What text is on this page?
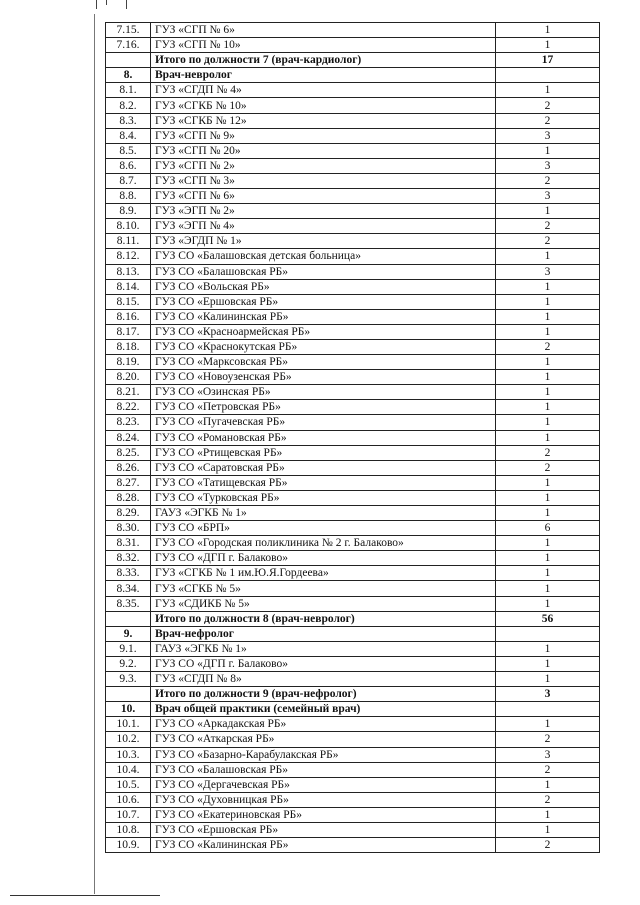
7.15.	ГУЗ «СГП № 6»	1
7.16.	ГУЗ «СГП № 10»	1
	Итого по должности 7 (врач-кардиолог)	17
8.	Врач-невролог	
8.1.	ГУЗ «СГДП № 4»	1
8.2.	ГУЗ «СГКБ № 10»	2
8.3.	ГУЗ «СГКБ № 12»	2
8.4.	ГУЗ «СГП № 9»	3
8.5.	ГУЗ «СГП № 20»	1
8.6.	ГУЗ «СГП № 2»	3
8.7.	ГУЗ «СГП № 3»	2
8.8.	ГУЗ «СГП № 6»	3
8.9.	ГУЗ «ЭГП № 2»	1
8.10.	ГУЗ «ЭГП № 4»	2
8.11.	ГУЗ «ЭГДП № 1»	2
8.12.	ГУЗ СО «Балашовская детская больница»	1
8.13.	ГУЗ СО «Балашовская РБ»	3
8.14.	ГУЗ СО «Вольская РБ»	1
8.15.	ГУЗ СО «Ершовская РБ»	1
8.16.	ГУЗ СО «Калининская РБ»	1
8.17.	ГУЗ СО «Красноармейская РБ»	1
8.18.	ГУЗ СО «Краснокутская РБ»	2
8.19.	ГУЗ СО «Марксовская РБ»	1
8.20.	ГУЗ СО «Новоузенская РБ»	1
8.21.	ГУЗ СО «Озинская РБ»	1
8.22.	ГУЗ СО «Петровская РБ»	1
8.23.	ГУЗ СО «Пугачевская РБ»	1
8.24.	ГУЗ СО «Романовская РБ»	1
8.25.	ГУЗ СО «Ртищевская РБ»	2
8.26.	ГУЗ СО «Саратовская РБ»	2
8.27.	ГУЗ СО «Татищевская РБ»	1
8.28.	ГУЗ СО «Турковская РБ»	1
8.29.	ГАУЗ «ЭГКБ № 1»	1
8.30.	ГУЗ СО «БРП»	6
8.31.	ГУЗ СО «Городская поликлиника № 2 г. Балаково»	1
8.32.	ГУЗ СО «ДГП г. Балаково»	1
8.33.	ГУЗ «СГКБ № 1 им.Ю.Я.Гордеева»	1
8.34.	ГУЗ «СГКБ № 5»	1
8.35.	ГУЗ «СДИКБ № 5»	1
	Итого по должности 8 (врач-невролог)	56
9.	Врач-нефролог	
9.1.	ГАУЗ «ЭГКБ № 1»	1
9.2.	ГУЗ СО «ДГП г. Балаково»	1
9.3.	ГУЗ «СГДП № 8»	1
	Итого по должности 9 (врач-нефролог)	3
10.	Врач общей практики (семейный врач)	
10.1.	ГУЗ СО «Аркадакская РБ»	1
10.2.	ГУЗ СО «Аткарская РБ»	2
10.3.	ГУЗ СО «Базарно-Карабулакская РБ»	3
10.4.	ГУЗ СО «Балашовская РБ»	2
10.5.	ГУЗ СО «Дергачевская РБ»	1
10.6.	ГУЗ СО «Духовницкая РБ»	2
10.7.	ГУЗ СО «Екатериновская РБ»	1
10.8.	ГУЗ СО «Ершовская РБ»	1
10.9.	ГУЗ СО «Калининская РБ»	2
